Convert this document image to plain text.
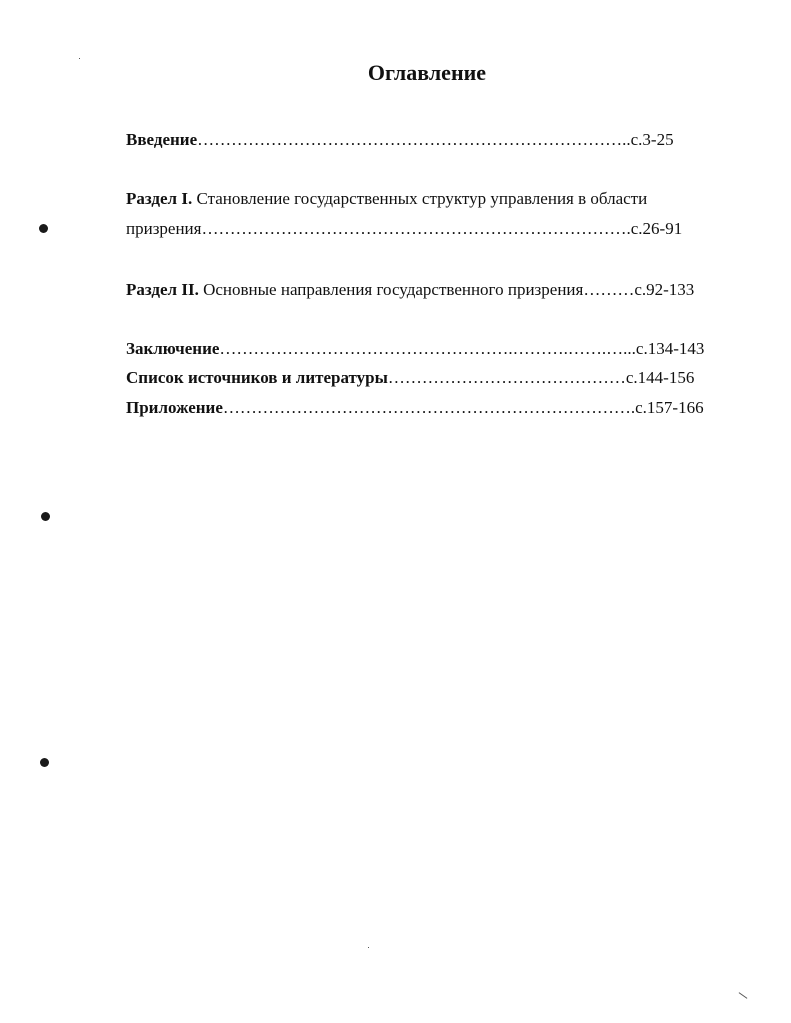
Оглавление
Введение…………………………………………………………………..с.3-25
Раздел I. Становление государственных структур управления в области
призрения………………………………………………………………….с.26-91
Раздел II. Основные направления государственного призрения………с.92-133
Заключение…………………………………………….……….…….…...с.134-143
Список источников и литературы……………………………………с.144-156
Приложение……………………………………………………………….с.157-166
